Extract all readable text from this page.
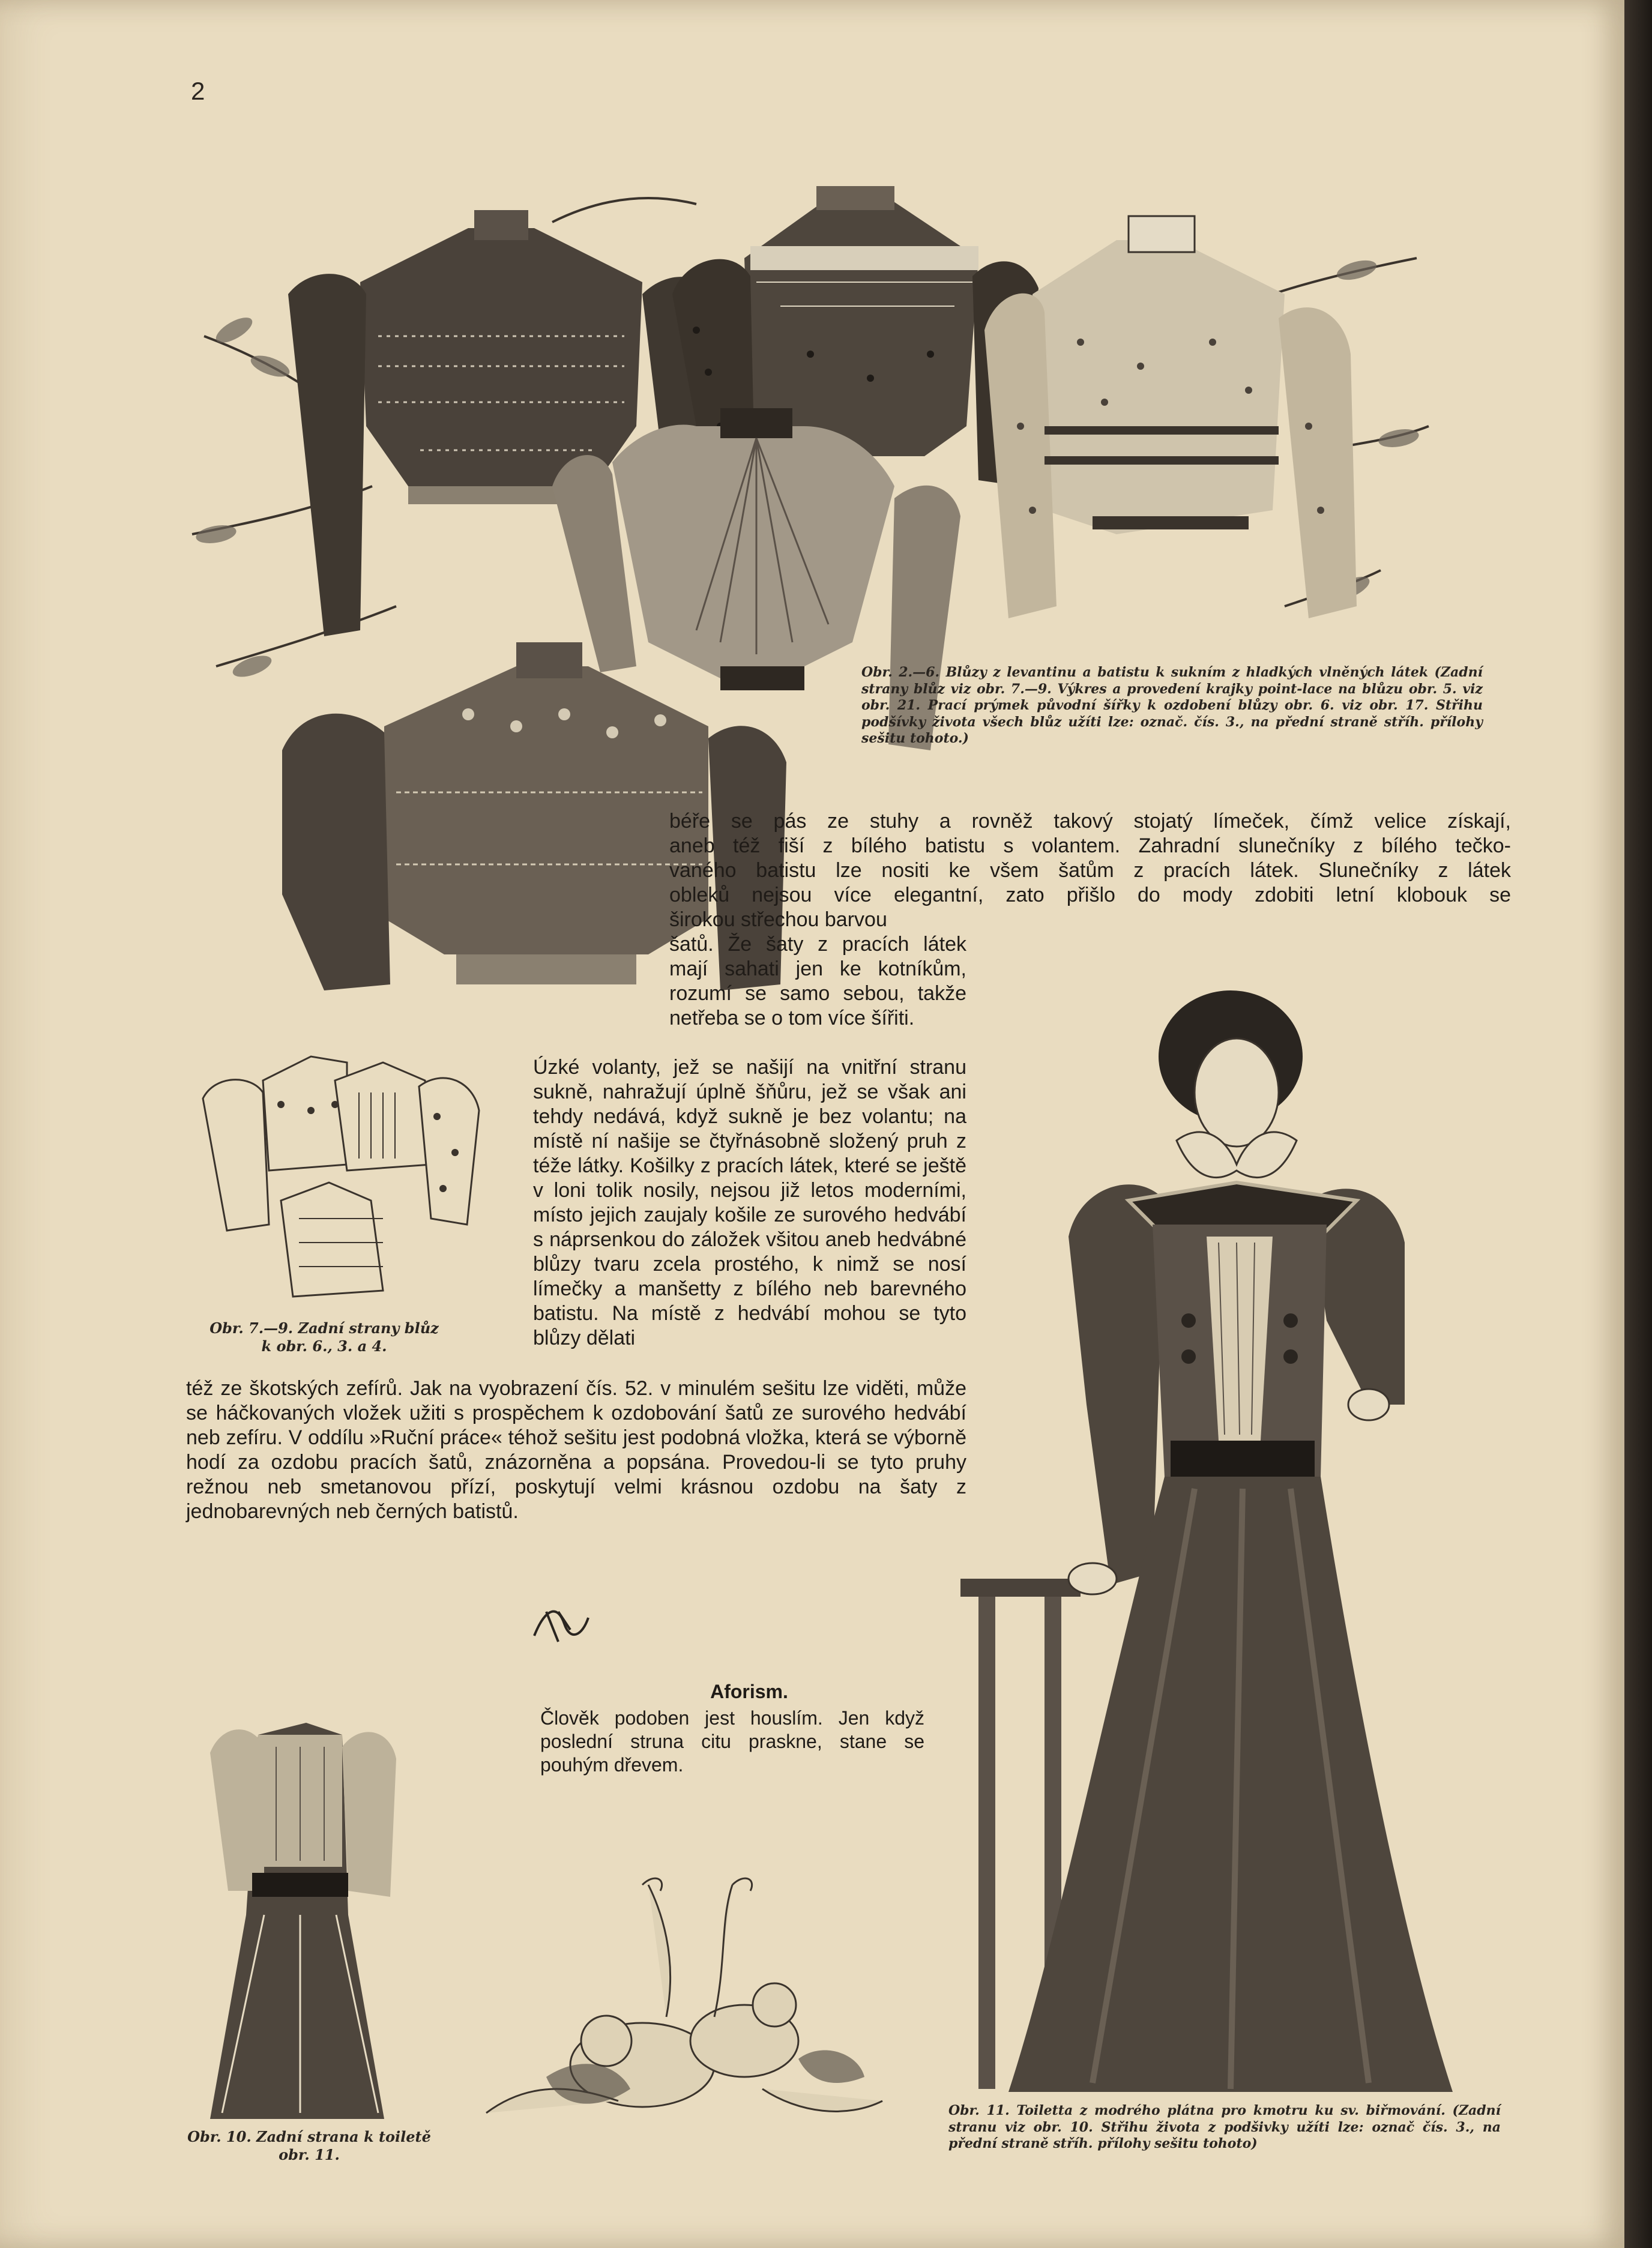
2
Obr. 2.—6. Blůzy z levantinu a batistu k sukním z hladkých vlněných látek (Zadní strany blůz viz obr. 7.—9. Výkres a provedení krajky point-lace na blůzu obr. 5. viz obr. 21. Prací prýmek původní šířky k ozdobení blůzy obr. 6. viz obr. 17. Střihu podšívky života všech blůz užíti lze: označ. čís. 3., na přední straně stříh. přílohy sešitu tohoto.)

béře se pás ze stuhy a rovněž takový stojatý límeček, čímž velice získají,

aneb též fiší z bílého batistu s volantem. Zahradní slunečníky z bílého tečko-

vaného batistu lze nositi ke všem šatům z pracích látek. Slunečníky z látek

obleků nejsou více elegantní, zato přišlo do mody zdobiti letní klobouk se

širokou střechou barvou

šatů. Že šaty z pracích látek mají sahati jen ke kotníkům, rozumí se samo sebou, takže netřeba se o tom více šířiti.
Úzké volanty, jež se našijí na vnitřní stranu sukně, nahražují úplně šňůru, jež se však ani tehdy nedává, když sukně je bez volantu; na místě ní našije se čtyřnásobně složený pruh z téže látky. Košilky z pracích látek, které se ještě v loni tolik nosily, nejsou již letos moderními, místo jejich zaujaly košile ze surového hedvábí s náprsenkou do záložek všitou aneb hedvábné blůzy tvaru zcela prostého, k nimž se nosí límečky a manšetty z bílého neb barevného batistu. Na místě z hedvábí mohou se tyto blůzy dělati
též ze škotských zefírů. Jak na vyobrazení čís. 52. v minulém sešitu lze viděti, může se háčkovaných vložek užiti s prospěchem k ozdobování šatů ze surového hedvábí neb zefíru. V oddílu »Ruční práce« téhož sešitu jest podobná vložka, která se výborně hodí za ozdobu pracích šatů, znázorněna a popsána. Provedou-li se tyto pruhy režnou neb smetanovou přízí, poskytují velmi krásnou ozdobu na šaty z jednobarevných neb černých batistů.
Obr. 7.—9. Zadní strany blůz k obr. 6., 3. a 4.
Aforism.
Člověk podoben jest houslím. Jen když poslední struna citu praskne, stane se pouhým dřevem.
Obr. 10. Zadní strana k toiletě obr. 11.
Obr. 11. Toiletta z modrého plátna pro kmotru ku sv. biřmování. (Zadní stranu viz obr. 10. Střihu života z podšivky užíti lze: označ čís. 3., na přední straně stříh. přílohy sešitu tohoto)
